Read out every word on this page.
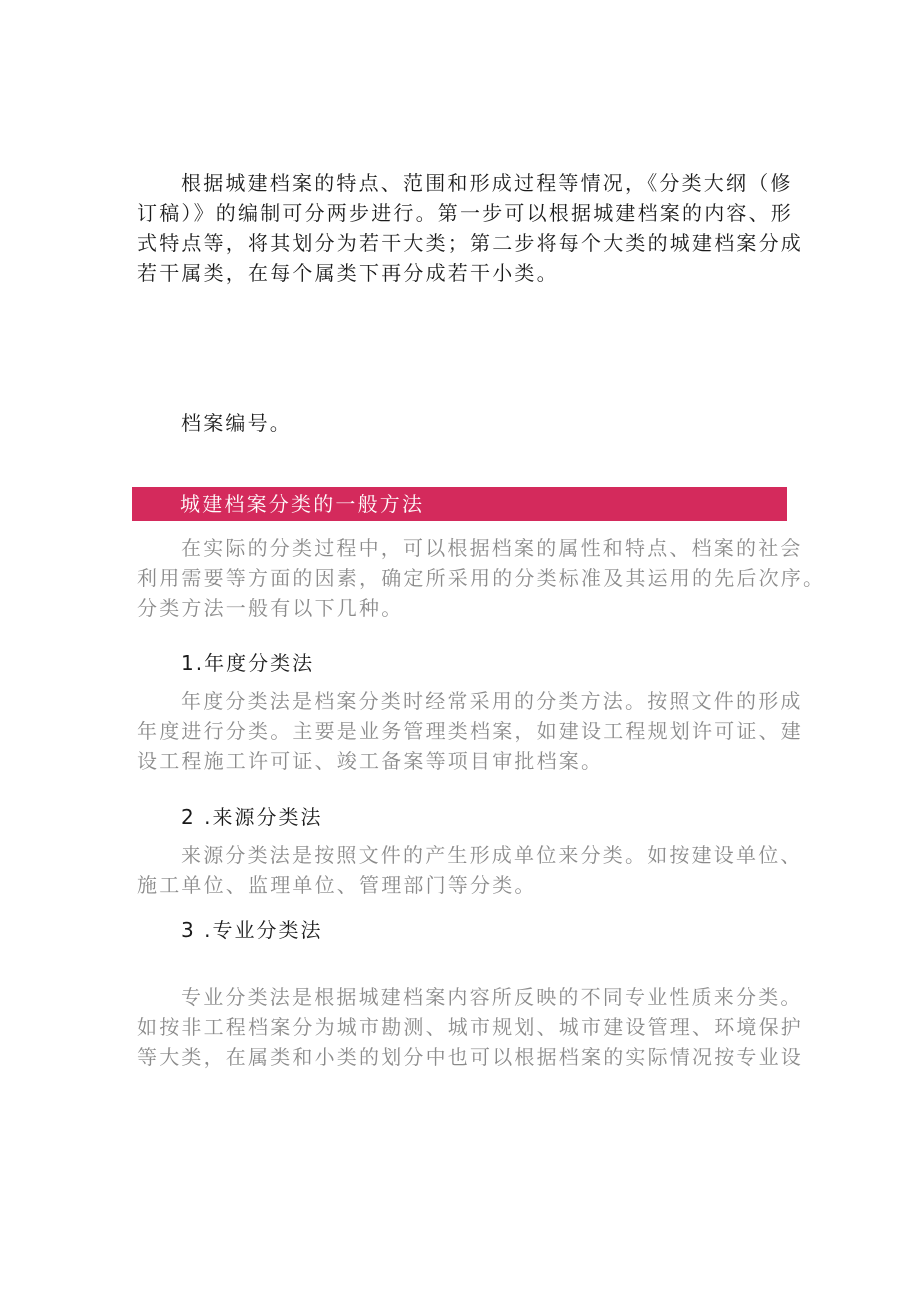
根据城建档案的特点、范围和形成过程等情况，《分类大纲（修
订稿）》的编制可分两步进行。第一步可以根据城建档案的内容、形
式特点等，将其划分为若干大类；第二步将每个大类的城建档案分成
若干属类，在每个属类下再分成若干小类。
档案编号。
城建档案分类的一般方法
在实际的分类过程中，可以根据档案的属性和特点、档案的社会
利用需要等方面的因素，确定所采用的分类标准及其运用的先后次序。
分类方法一般有以下几种。
1.年度分类法
年度分类法是档案分类时经常采用的分类方法。按照文件的形成
年度进行分类。主要是业务管理类档案，如建设工程规划许可证、建
设工程施工许可证、竣工备案等项目审批档案。
2 .来源分类法
来源分类法是按照文件的产生形成单位来分类。如按建设单位、
施工单位、监理单位、管理部门等分类。
3 .专业分类法
专业分类法是根据城建档案内容所反映的不同专业性质来分类。
如按非工程档案分为城市勘测、城市规划、城市建设管理、环境保护
等大类，在属类和小类的划分中也可以根据档案的实际情况按专业设
